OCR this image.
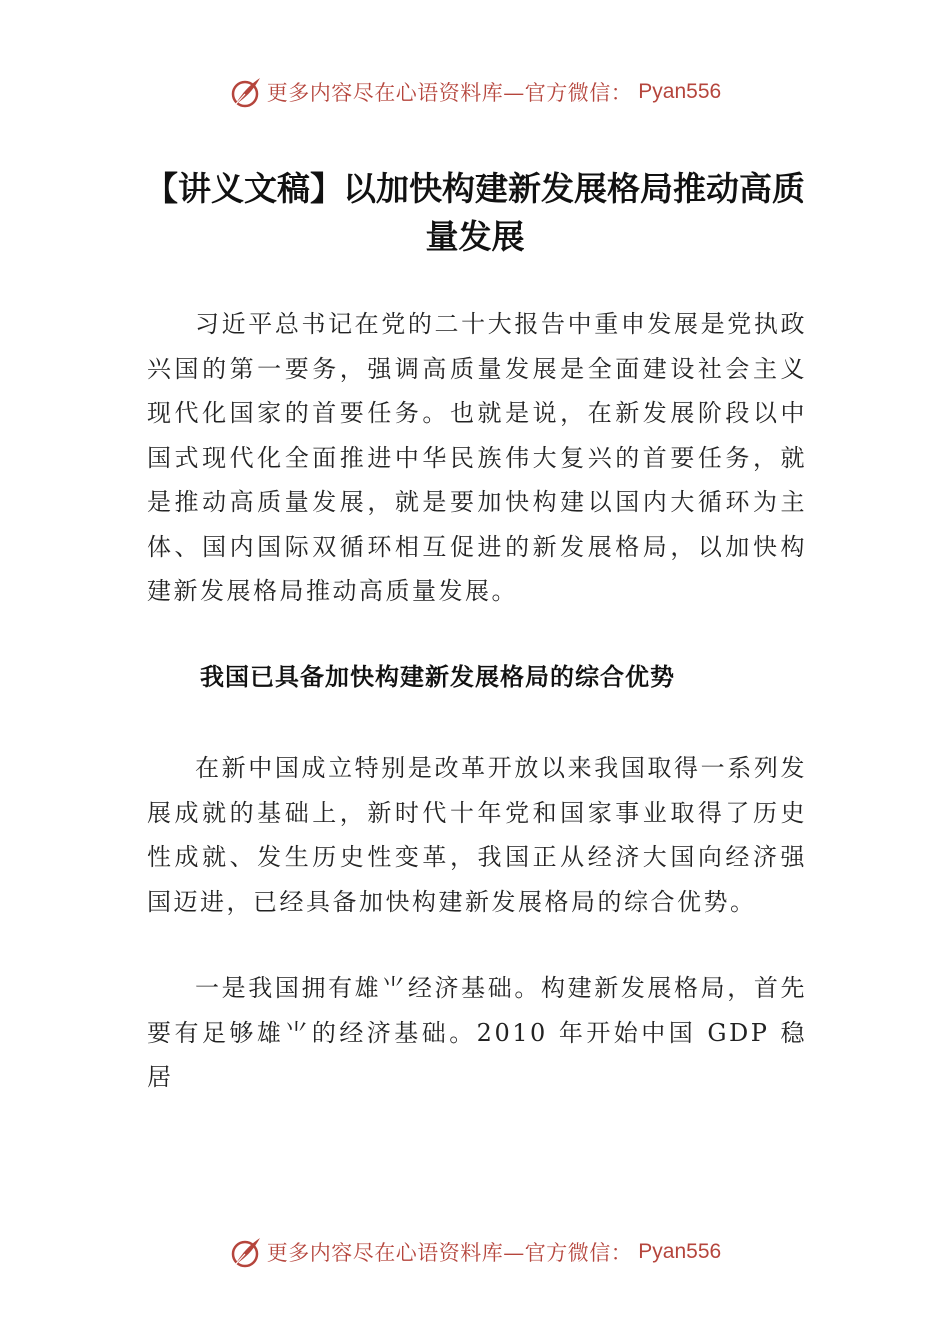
更多内容尽在心语资料库—官方微信： Pyan556
【讲义文稿】以加快构建新发展格局推动高质量发展

习近平总书记在党的二十大报告中重申发展是党执政兴国的第一要务，强调高质量发展是全面建设社会主义现代化国家的首要任务。也就是说，在新发展阶段以中国式现代化全面推进中华民族伟大复兴的首要任务，就是推动高质量发展，就是要加快构建以国内大循环为主体、国内国际双循环相互促进的新发展格局，以加快构建新发展格局推动高质量发展。

我国已具备加快构建新发展格局的综合优势

在新中国成立特别是改革开放以来我国取得一系列发展成就的基础上，新时代十年党和国家事业取得了历史性成就、发生历史性变革，我国正从经济大国向经济强国迈进，已经具备加快构建新发展格局的综合优势。

一是我国拥有雄⺌经济基础。构建新发展格局，首先要有足够雄⺌的经济基础。2010 年开始中国 GDP 稳居

更多内容尽在心语资料库—官方微信： Pyan556
